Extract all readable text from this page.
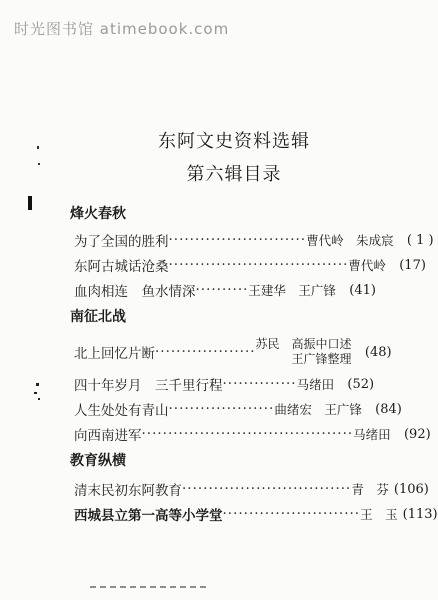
时光图书馆 atimebook.com
东阿文史资料选辑
第六辑目录
烽火春秋
为了全国的胜利 ·························· 曹代岭　朱成宸	( 1 )
东阿古城话沧桑 ·································· 曹代岭	(17)
血肉相连　鱼水情深 ·········· 王建华　王广锋	(41)
南征北战
北上回忆片断 ··················· 苏民　高振中口述
王广锋整理	(48)
四十年岁月　三千里行程 ·············· 马绪田	(52)
人生处处有青山 ···················· 曲绪宏　王广锋	(84)
向西南进军 ········································ 马绪田	(92)
教育纵横
清末民初东阿教育 ································ 青　芬 (106)
西城县立第一高等小学堂 ·························· 王　玉 (113)
